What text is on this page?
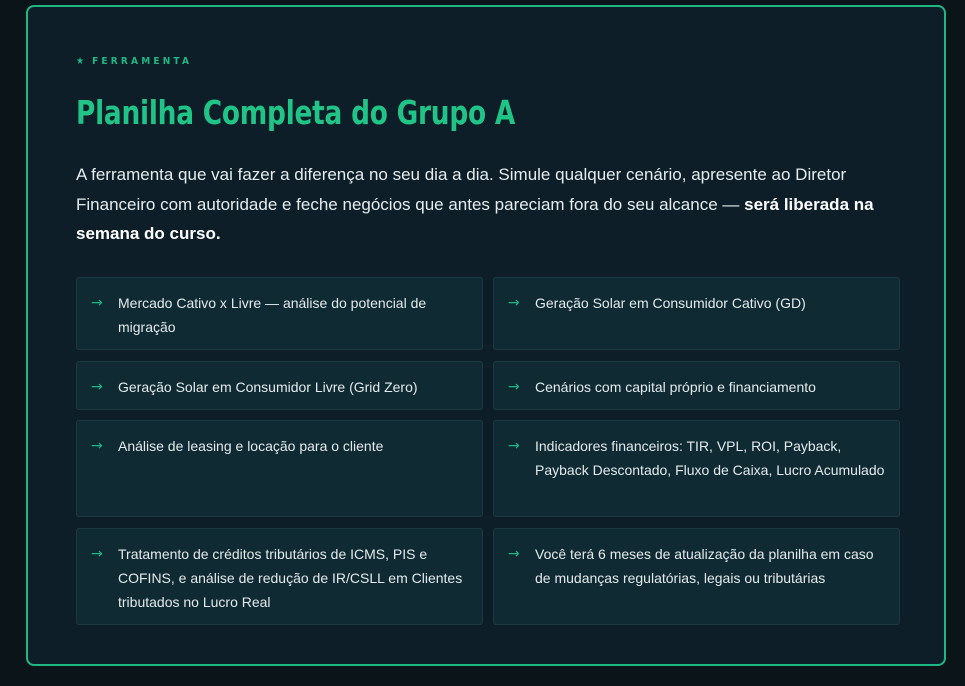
★ FERRAMENTA
Planilha Completa do Grupo A

A ferramenta que vai fazer a diferença no seu dia a dia. Simule qualquer cenário, apresente ao Diretor Financeiro com autoridade e feche negócios que antes pareciam fora do seu alcance — será liberada na semana do curso.

→	Mercado Cativo x Livre — análise do potencial de migração
→	Geração Solar em Consumidor Cativo (GD)
→	Geração Solar em Consumidor Livre (Grid Zero)	→	Cenários com capital próprio e financiamento
→	Análise de leasing e locação para o cliente	→	Indicadores financeiros: TIR, VPL, ROI, Payback, Payback Descontado, Fluxo de Caixa, Lucro Acumulado
→	Tratamento de créditos tributários de ICMS, PIS e COFINS, e análise de redução de IR/CSLL em Clientes tributados no Lucro Real
→	Você terá 6 meses de atualização da planilha em caso de mudanças regulatórias, legais ou tributárias
